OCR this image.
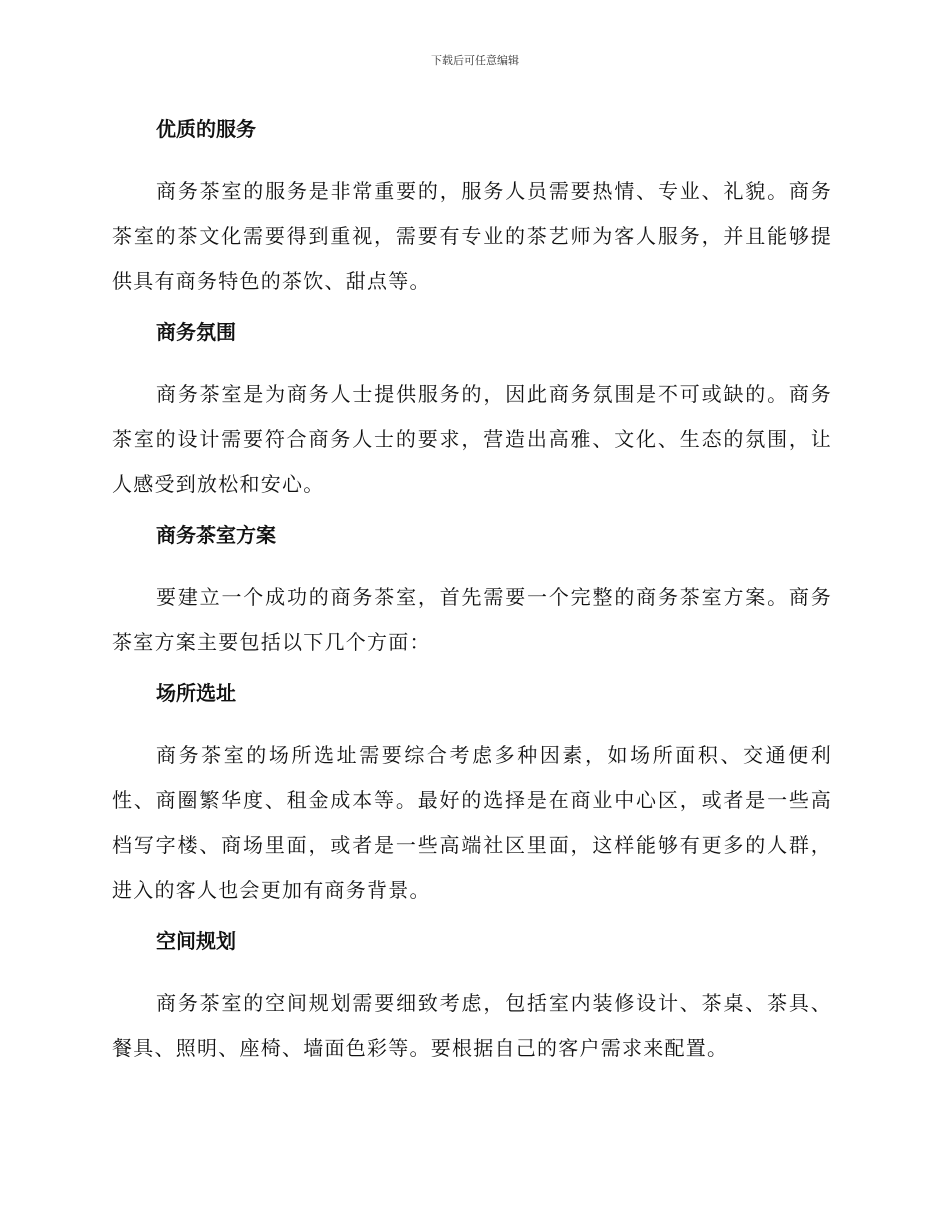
下载后可任意编辑
优质的服务
商务茶室的服务是非常重要的，服务人员需要热情、专业、礼貌。商务茶室的茶文化需要得到重视，需要有专业的茶艺师为客人服务，并且能够提供具有商务特色的茶饮、甜点等。
商务氛围
商务茶室是为商务人士提供服务的，因此商务氛围是不可或缺的。商务茶室的设计需要符合商务人士的要求，营造出高雅、文化、生态的氛围，让人感受到放松和安心。
商务茶室方案
要建立一个成功的商务茶室，首先需要一个完整的商务茶室方案。商务茶室方案主要包括以下几个方面：
场所选址
商务茶室的场所选址需要综合考虑多种因素，如场所面积、交通便利性、商圈繁华度、租金成本等。最好的选择是在商业中心区，或者是一些高档写字楼、商场里面，或者是一些高端社区里面，这样能够有更多的人群，进入的客人也会更加有商务背景。
空间规划
商务茶室的空间规划需要细致考虑，包括室内装修设计、茶桌、茶具、餐具、照明、座椅、墙面色彩等。要根据自己的客户需求来配置。
